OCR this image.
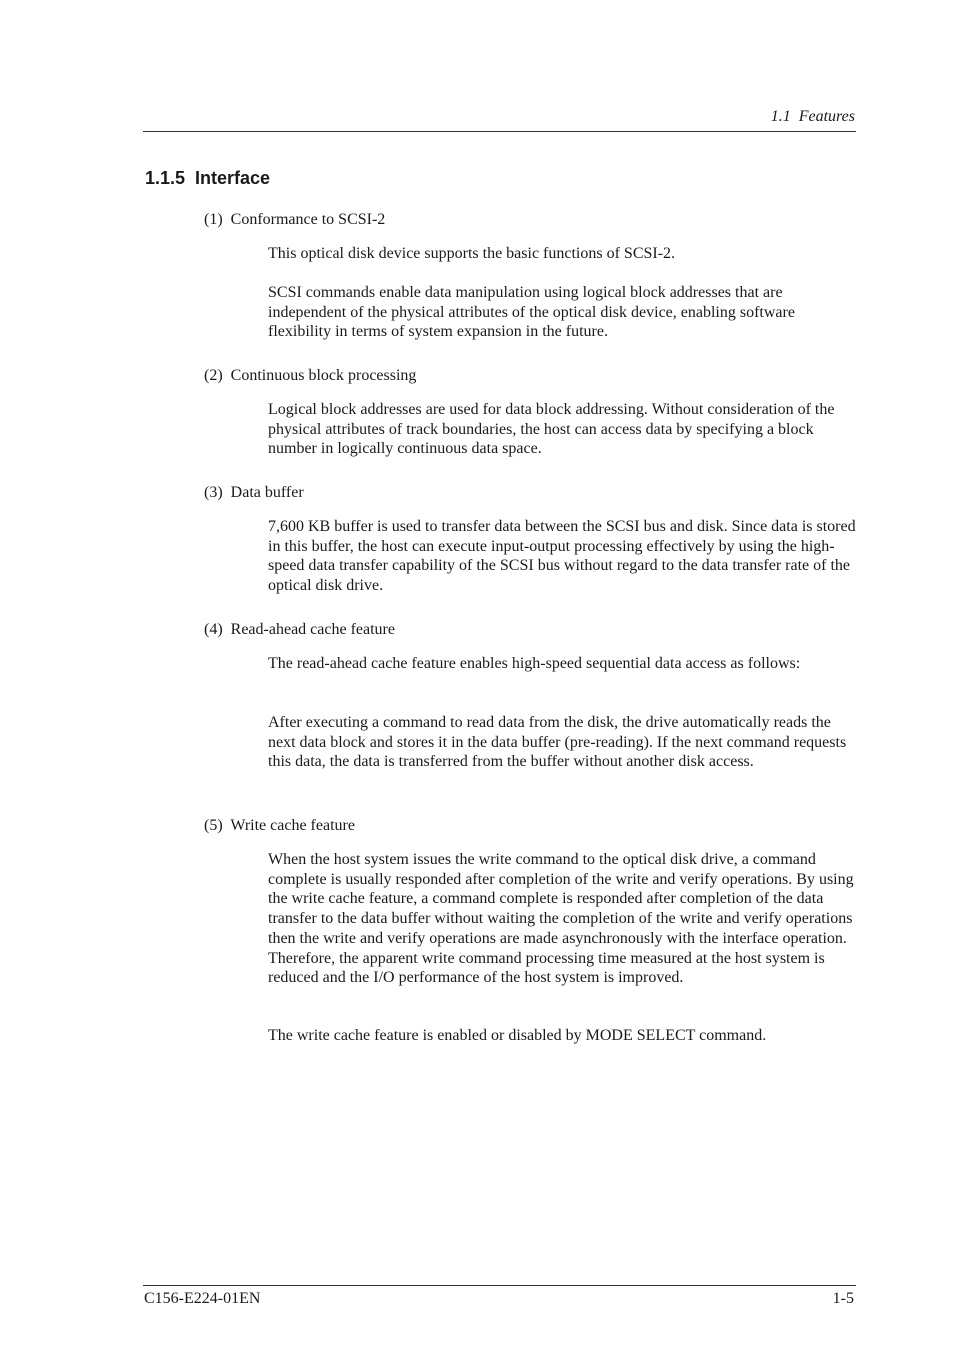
1.1  Features
1.1.5  Interface
(1)  Conformance to SCSI-2

This optical disk device supports the basic functions of SCSI-2.

SCSI commands enable data manipulation using logical block addresses that are independent of the physical attributes of the optical disk device, enabling software flexibility in terms of system expansion in the future.

(2)  Continuous block processing

Logical block addresses are used for data block addressing. Without consideration of the physical attributes of track boundaries, the host can access data by specifying a block number in logically continuous data space.

(3)  Data buffer

7,600 KB buffer is used to transfer data between the SCSI bus and disk. Since data is stored in this buffer, the host can execute input-output processing effectively by using the high-speed data transfer capability of the SCSI bus without regard to the data transfer rate of the optical disk drive.

(4)  Read-ahead cache feature

The read-ahead cache feature enables high-speed sequential data access as follows:

After executing a command to read data from the disk, the drive automatically reads the next data block and stores it in the data buffer (pre-reading). If the next command requests this data, the data is transferred from the buffer without another disk access.

(5)  Write cache feature

When the host system issues the write command to the optical disk drive, a command complete is usually responded after completion of the write and verify operations. By using the write cache feature, a command complete is responded after completion of the data transfer to the data buffer without waiting the completion of the write and verify operations then the write and verify operations are made asynchronously with the interface operation. Therefore, the apparent write command processing time measured at the host system is reduced and the I/O performance of the host system is improved.

The write cache feature is enabled or disabled by MODE SELECT command.

C156-E224-01EN	1-5
